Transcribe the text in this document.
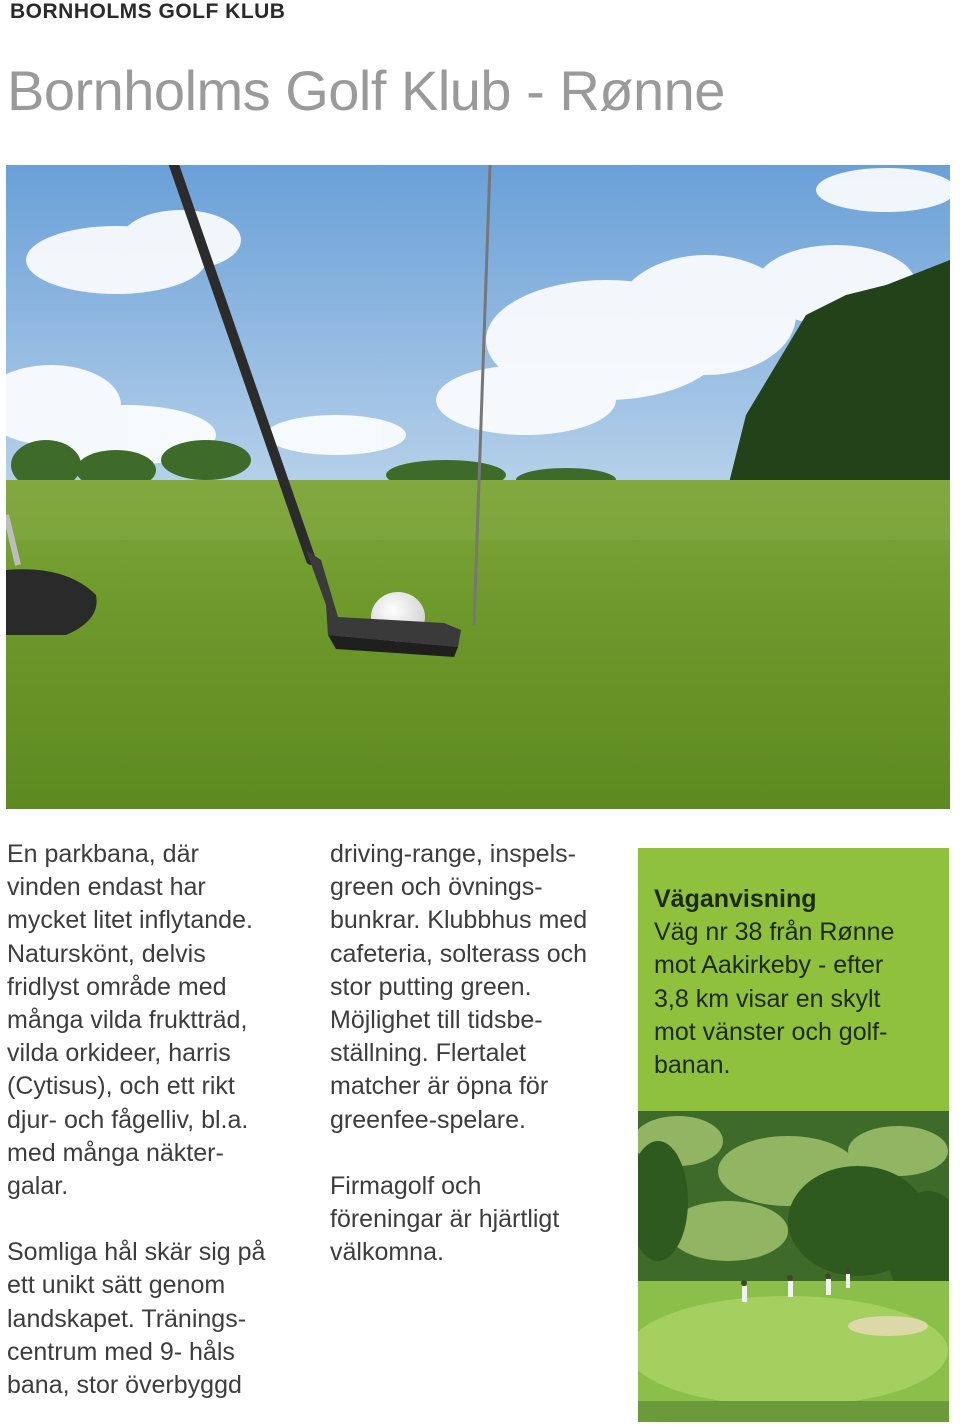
BORNHOLMS GOLF KLUB
Bornholms Golf Klub - Rønne

En parkbana, där

vinden endast har

mycket litet inflytande.

Naturskönt, delvis

fridlyst område med

många vilda fruktträd,

vilda orkideer, harris

(Cytisus), och ett rikt

djur- och fågelliv, bl.a.

med många näkter-

galar.

Somliga hål skär sig på

ett unikt sätt genom

landskapet. Tränings-

centrum med 9- håls

bana, stor överbyggd

driving-range, inspels-

green och övnings-

bunkrar. Klubbhus med

cafeteria, solterass och

stor putting green.

Möjlighet till tidsbe-

ställning. Flertalet

matcher är öpna för

greenfee-spelare.

Firmagolf och

föreningar är hjärtligt

välkomna.

Väganvisning

Väg nr 38 från Rønne

mot Aakirkeby - efter

3,8 km visar en skylt

mot vänster och golf-

banan.
